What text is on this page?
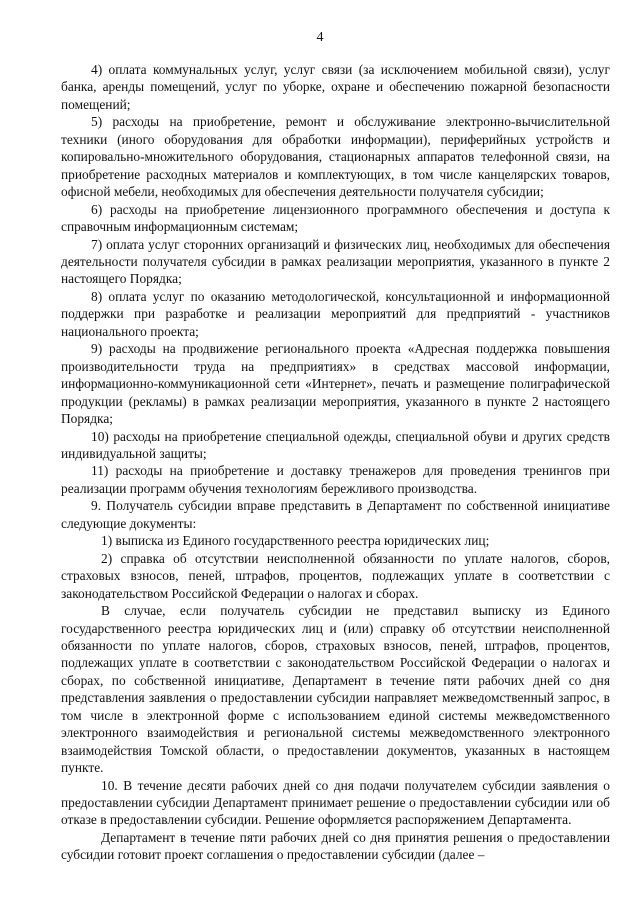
4

4) оплата коммунальных услуг, услуг связи (за исключением мобильной связи), услуг банка, аренды помещений, услуг по уборке, охране и обеспечению пожарной безопасности помещений;

5) расходы на приобретение, ремонт и обслуживание электронно-вычислительной техники (иного оборудования для обработки информации), периферийных устройств и копировально-множительного оборудования, стационарных аппаратов телефонной связи, на приобретение расходных материалов и комплектующих, в том числе канцелярских товаров, офисной мебели, необходимых для обеспечения деятельности получателя субсидии;

6) расходы на приобретение лицензионного программного обеспечения и доступа к справочным информационным системам;

7) оплата услуг сторонних организаций и физических лиц, необходимых для обеспечения деятельности получателя субсидии в рамках реализации мероприятия, указанного в пункте 2 настоящего Порядка;

8) оплата услуг по оказанию методологической, консультационной и информационной поддержки при разработке и реализации мероприятий для предприятий - участников национального проекта;

9) расходы на продвижение регионального проекта «Адресная поддержка повышения производительности труда на предприятиях» в средствах массовой информации, информационно-коммуникационной сети «Интернет», печать и размещение полиграфической продукции (рекламы) в рамках реализации мероприятия, указанного в пункте 2 настоящего Порядка;

10) расходы на приобретение специальной одежды, специальной обуви и других средств индивидуальной защиты;

11) расходы на приобретение и доставку тренажеров для проведения тренингов при реализации программ обучения технологиям бережливого производства.

9. Получатель субсидии вправе представить в Департамент по собственной инициативе следующие документы:

1) выписка из Единого государственного реестра юридических лиц;

2) справка об отсутствии неисполненной обязанности по уплате налогов, сборов, страховых взносов, пеней, штрафов, процентов, подлежащих уплате в соответствии с законодательством Российской Федерации о налогах и сборах.

В случае, если получатель субсидии не представил выписку из Единого государственного реестра юридических лиц и (или) справку об отсутствии неисполненной обязанности по уплате налогов, сборов, страховых взносов, пеней, штрафов, процентов, подлежащих уплате в соответствии с законодательством Российской Федерации о налогах и сборах, по собственной инициативе, Департамент в течение пяти рабочих дней со дня представления заявления о предоставлении субсидии направляет межведомственный запрос, в том числе в электронной форме с использованием единой системы межведомственного электронного взаимодействия и региональной системы межведомственного электронного взаимодействия Томской области, о предоставлении документов, указанных в настоящем пункте.

10. В течение десяти рабочих дней со дня подачи получателем субсидии заявления о предоставлении субсидии Департамент принимает решение о предоставлении субсидии или об отказе в предоставлении субсидии. Решение оформляется распоряжением Департамента.

Департамент в течение пяти рабочих дней со дня принятия решения о предоставлении субсидии готовит проект соглашения о предоставлении субсидии (далее –
